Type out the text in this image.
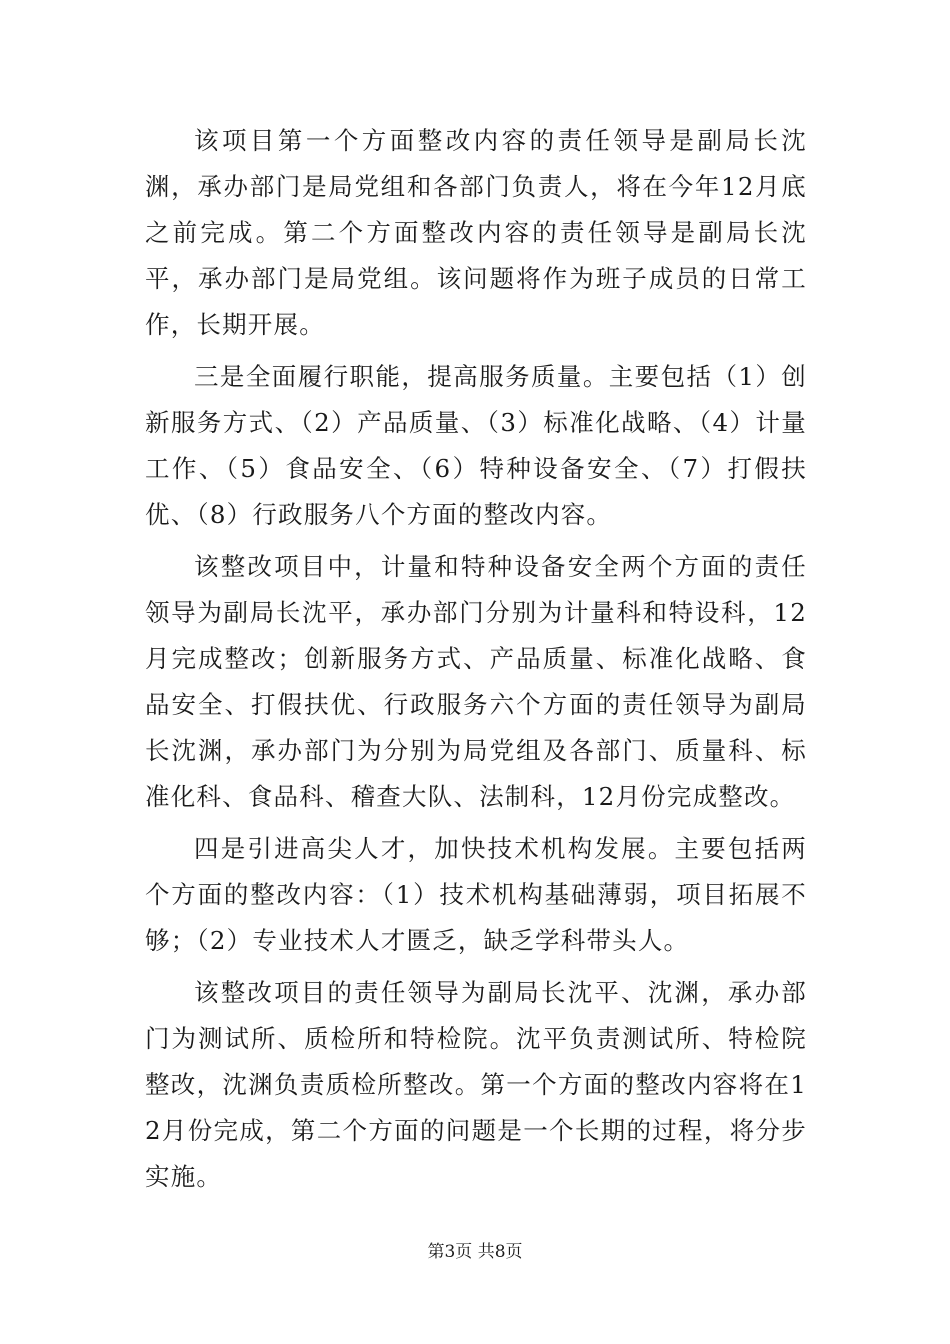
该项目第一个方面整改内容的责任领导是副局长沈渊，承办部门是局党组和各部门负责人，将在今年12月底之前完成。第二个方面整改内容的责任领导是副局长沈平，承办部门是局党组。该问题将作为班子成员的日常工作，长期开展。

三是全面履行职能，提高服务质量。主要包括（1）创新服务方式、（2）产品质量、（3）标准化战略、（4）计量工作、（5）食品安全、（6）特种设备安全、（7）打假扶优、（8）行政服务八个方面的整改内容。

该整改项目中，计量和特种设备安全两个方面的责任领导为副局长沈平，承办部门分别为计量科和特设科，12月完成整改；创新服务方式、产品质量、标准化战略、食品安全、打假扶优、行政服务六个方面的责任领导为副局长沈渊，承办部门为分别为局党组及各部门、质量科、标准化科、食品科、稽查大队、法制科，12月份完成整改。

四是引进高尖人才，加快技术机构发展。主要包括两个方面的整改内容：（1）技术机构基础薄弱，项目拓展不够；（2）专业技术人才匮乏，缺乏学科带头人。

该整改项目的责任领导为副局长沈平、沈渊，承办部门为测试所、质检所和特检院。沈平负责测试所、特检院整改，沈渊负责质检所整改。第一个方面的整改内容将在12月份完成，第二个方面的问题是一个长期的过程，将分步实施。

第3页 共8页
